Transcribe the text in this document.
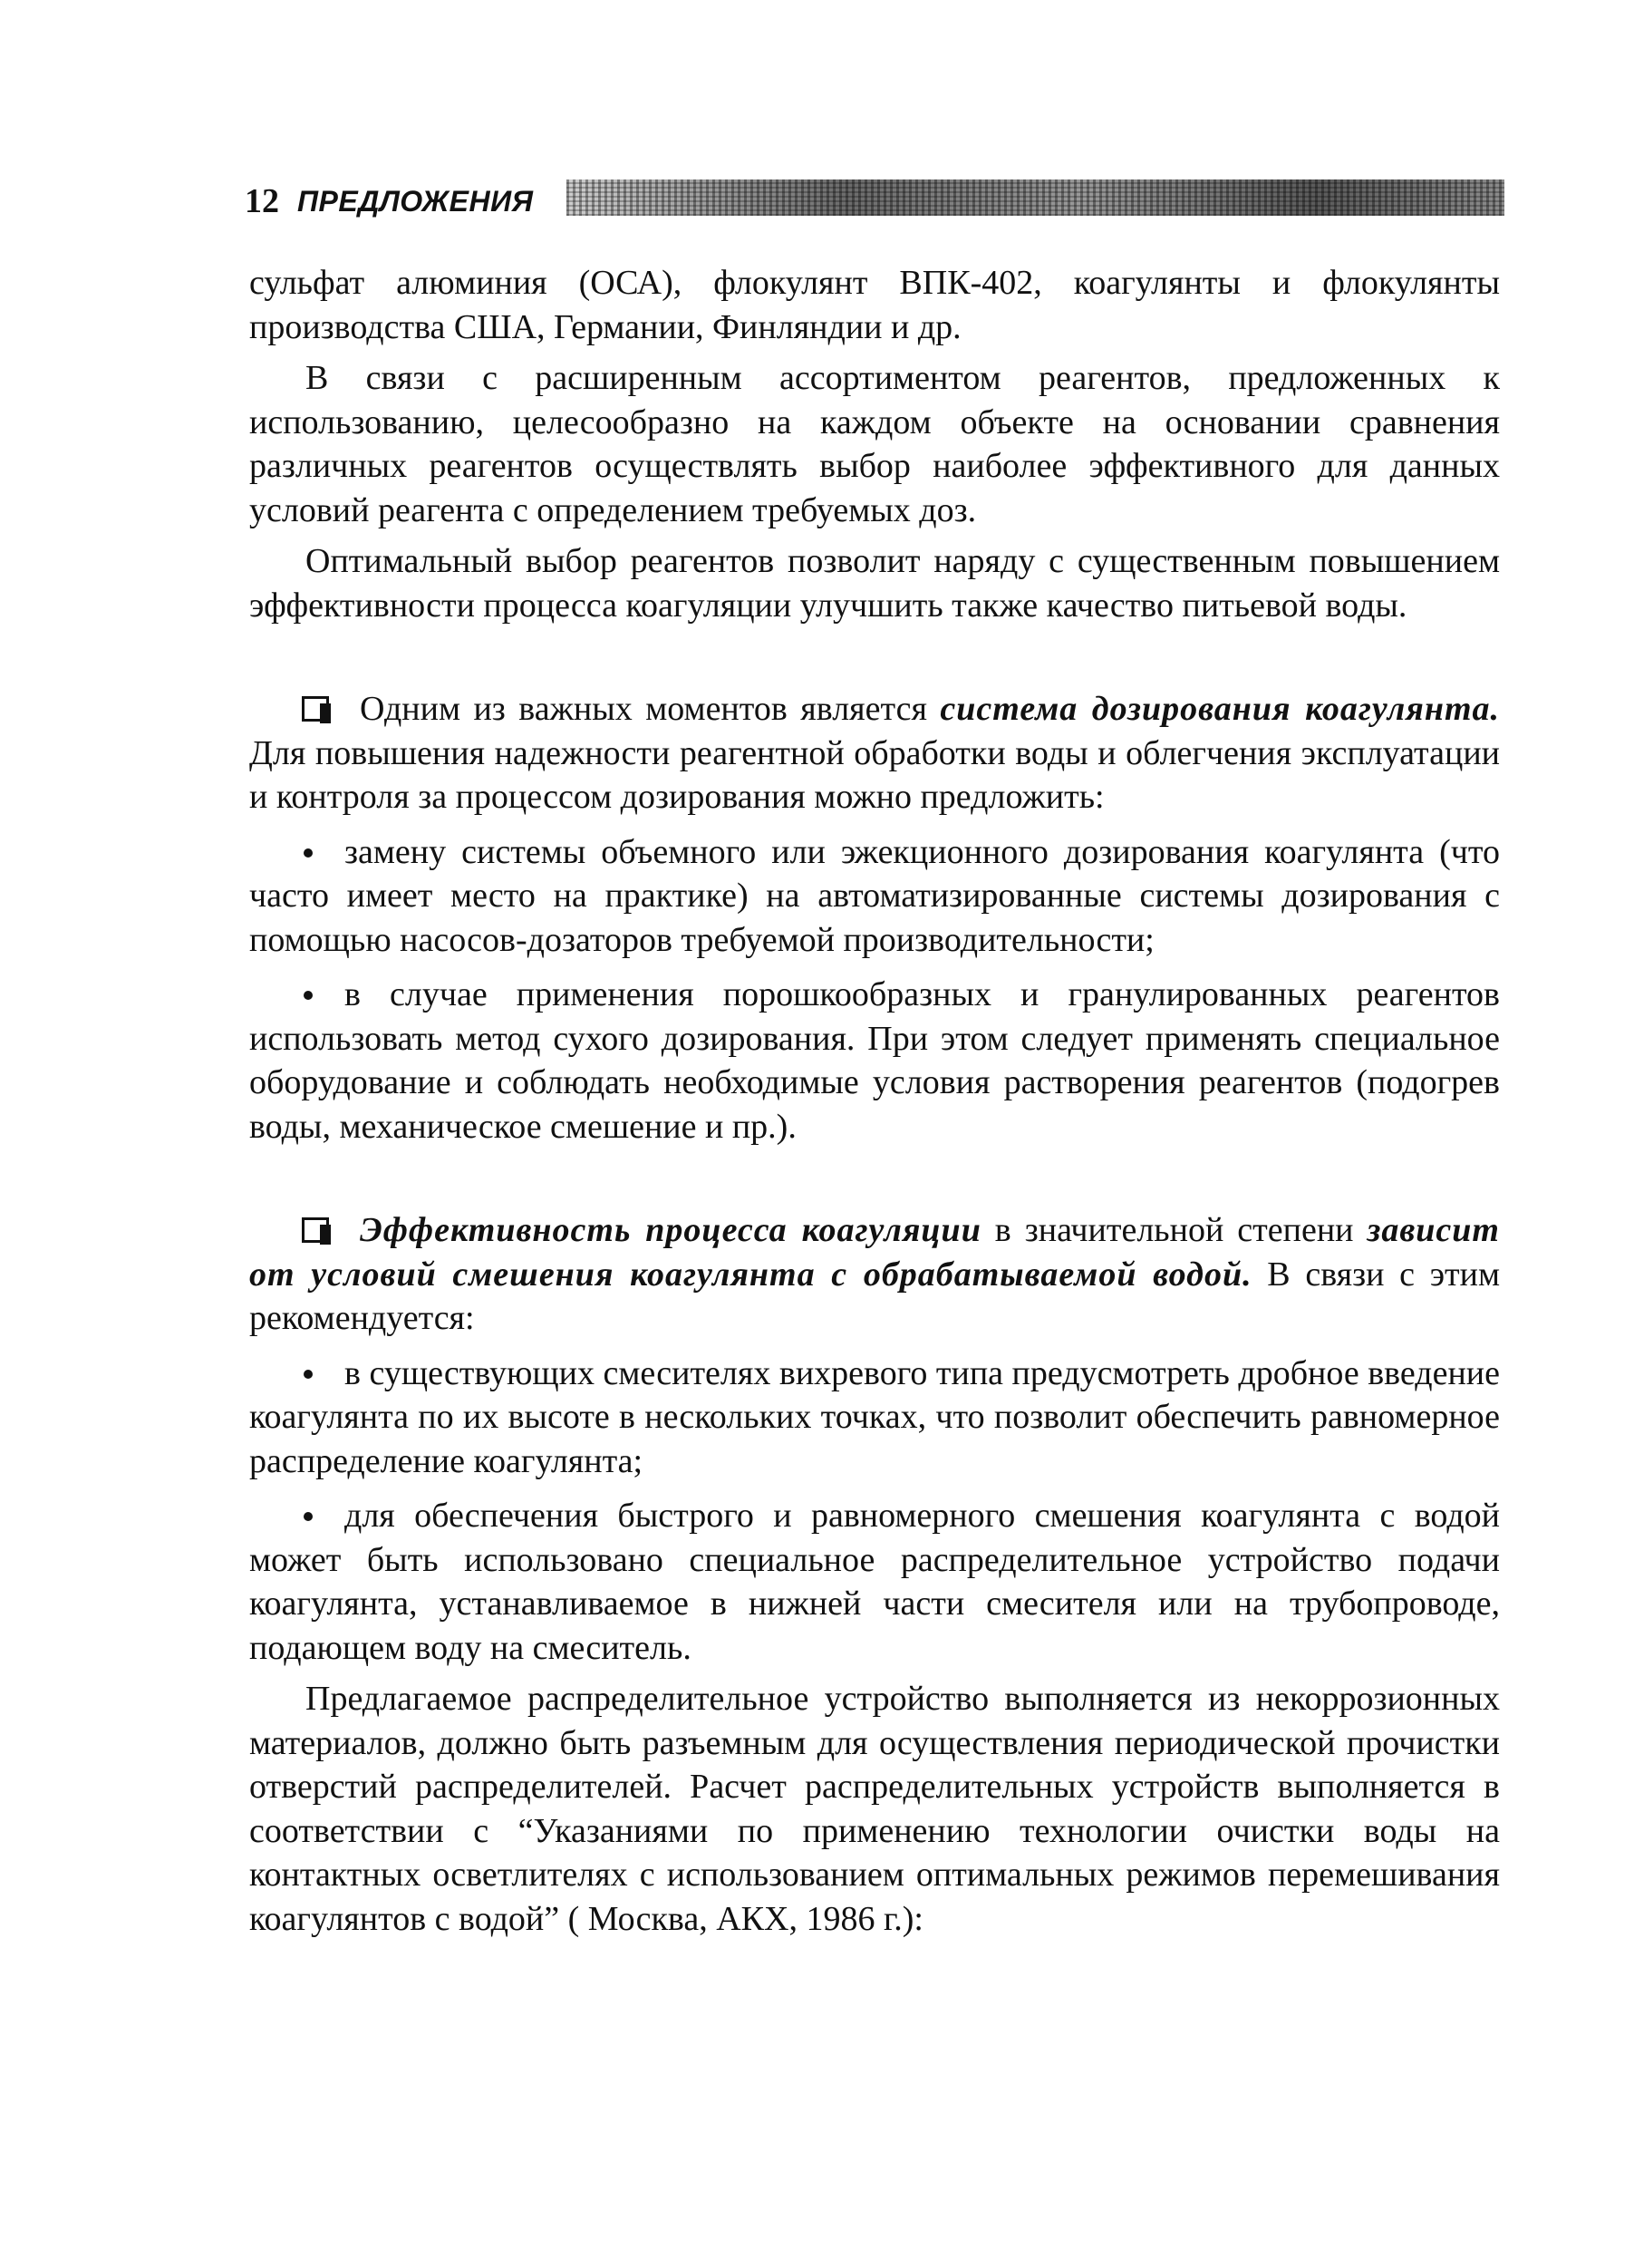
12 ПРЕДЛОЖЕНИЯ

сульфат алюминия (ОСА), флокулянт ВПК-402, коагулянты и флокулянты производства США, Германии, Финляндии и др.

В связи с расширенным ассортиментом реагентов, предложенных к использованию, целесообразно на каждом объекте на основании сравнения различных реагентов осуществлять выбор наиболее эффективного для данных условий реагента с определением требуемых доз.

Оптимальный выбор реагентов позволит наряду с существенным повышением эффективности процесса коагуляции улучшить также качество питьевой воды.

Одним из важных моментов является система дозирования коагулянта. Для повышения надежности реагентной обработки воды и облегчения эксплуатации и контроля за процессом дозирования можно предложить:

замену системы объемного или эжекционного дозирования коагулянта (что часто имеет место на практике) на автоматизированные системы дозирования с помощью насосов-дозаторов требуемой производительности;
в случае применения порошкообразных и гранулированных реагентов использовать метод сухого дозирования. При этом следует применять специальное оборудование и соблюдать необходимые условия растворения реагентов (подогрев воды, механическое смешение и пр.).

Эффективность процесса коагуляции в значительной степени зависит от условий смешения коагулянта с обрабатываемой водой. В связи с этим рекомендуется:

в существующих смесителях вихревого типа предусмотреть дробное введение коагулянта по их высоте в нескольких точках, что позволит обеспечить равномерное распределение коагулянта;
для обеспечения быстрого и равномерного смешения коагулянта с водой может быть использовано специальное распределительное устройство подачи коагулянта, устанавливаемое в нижней части смесителя или на трубопроводе, подающем воду на смеситель.

Предлагаемое распределительное устройство выполняется из некоррозионных материалов, должно быть разъемным для осуществления периодической прочистки отверстий распределителей. Расчет распределительных устройств выполняется в соответствии с “Указаниями по применению технологии очистки воды на контактных осветлителях с использованием оптимальных режимов перемешивания коагулянтов с водой” ( Москва, АКХ, 1986 г.):
